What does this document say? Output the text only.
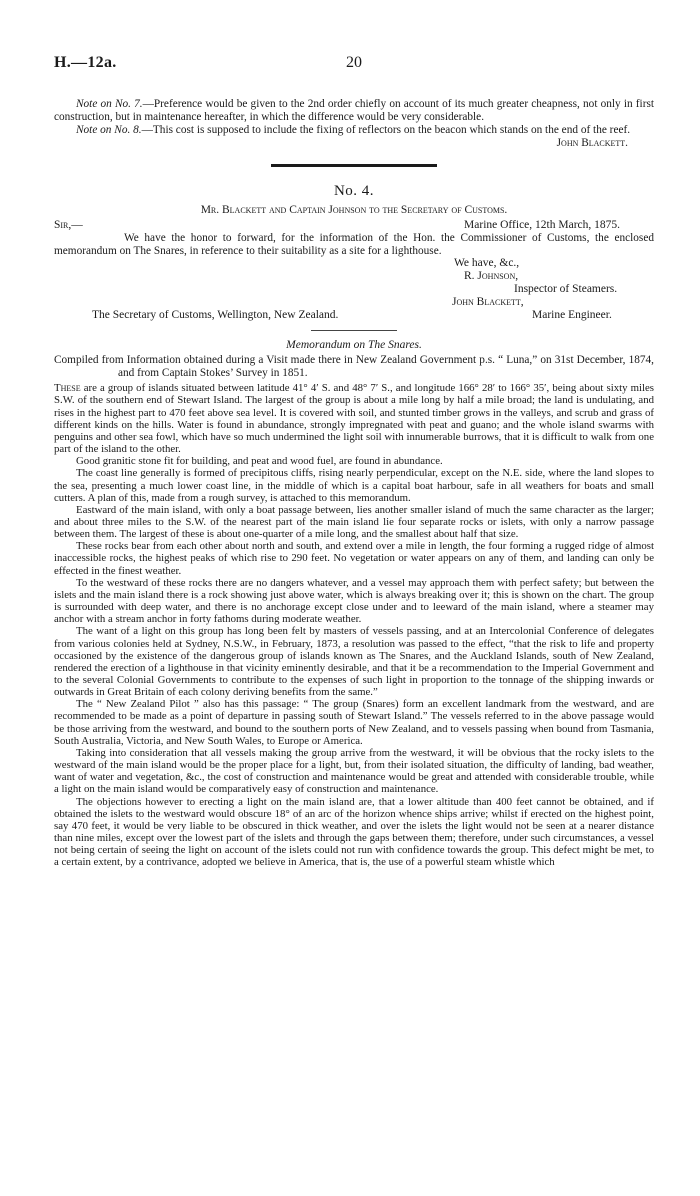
H.—12a.	20

Note on No. 7.—Preference would be given to the 2nd order chiefly on account of its much greater cheapness, not only in first construction, but in maintenance hereafter, in which the difference would be very considerable.

Note on No. 8.—This cost is supposed to include the fixing of reflectors on the beacon which stands on the end of the reef.

John Blackett.

No. 4.
Mr. Blackett and Captain Johnson to the Secretary of Customs.
Sir,—	Marine Office, 12th March, 1875.

We have the honor to forward, for the information of the Hon. the Commissioner of Customs, the enclosed memorandum on The Snares, in reference to their suitability as a site for a lighthouse.

We have, &c.,
R. Johnson,
Inspector of Steamers.
John Blackett,
The Secretary of Customs, Wellington, New Zealand.	Marine Engineer.
Memorandum on The Snares.

Compiled from Information obtained during a Visit made there in New Zealand Government p.s. “ Luna,” on 31st December, 1874, and from Captain Stokes’ Survey in 1851.

These are a group of islands situated between latitude 41° 4′ S. and 48° 7′ S., and longitude 166° 28′ to 166° 35′, being about sixty miles S.W. of the southern end of Stewart Island. The largest of the group is about a mile long by half a mile broad; the land is undulating, and rises in the highest part to 470 feet above sea level. It is covered with soil, and stunted timber grows in the valleys, and scrub and grass of different kinds on the hills. Water is found in abundance, strongly impregnated with peat and guano; and the whole island swarms with penguins and other sea fowl, which have so much undermined the light soil with innumerable burrows, that it is difficult to walk from one part of the island to the other.

Good granitic stone fit for building, and peat and wood fuel, are found in abundance.

The coast line generally is formed of precipitous cliffs, rising nearly perpendicular, except on the N.E. side, where the land slopes to the sea, presenting a much lower coast line, in the middle of which is a capital boat harbour, safe in all weathers for boats and small cutters. A plan of this, made from a rough survey, is attached to this memorandum.

Eastward of the main island, with only a boat passage between, lies another smaller island of much the same character as the larger; and about three miles to the S.W. of the nearest part of the main island lie four separate rocks or islets, with only a narrow passage between them. The largest of these is about one-quarter of a mile long, and the smallest about half that size.

These rocks bear from each other about north and south, and extend over a mile in length, the four forming a rugged ridge of almost inaccessible rocks, the highest peaks of which rise to 290 feet. No vegetation or water appears on any of them, and landing can only be effected in the finest weather.

To the westward of these rocks there are no dangers whatever, and a vessel may approach them with perfect safety; but between the islets and the main island there is a rock showing just above water, which is always breaking over it; this is shown on the chart. The group is surrounded with deep water, and there is no anchorage except close under and to leeward of the main island, where a steamer may anchor with a stream anchor in forty fathoms during moderate weather.

The want of a light on this group has long been felt by masters of vessels passing, and at an Intercolonial Conference of delegates from various colonies held at Sydney, N.S.W., in February, 1873, a resolution was passed to the effect, “that the risk to life and property occasioned by the existence of the dangerous group of islands known as The Snares, and the Auckland Islands, south of New Zealand, rendered the erection of a lighthouse in that vicinity eminently desirable, and that it be a recommendation to the Imperial Government and to the several Colonial Governments to contribute to the expenses of such light in proportion to the tonnage of the shipping inwards or outwards in Great Britain of each colony deriving benefits from the same.”

The “ New Zealand Pilot ” also has this passage: “ The group (Snares) form an excellent landmark from the westward, and are recommended to be made as a point of departure in passing south of Stewart Island.” The vessels referred to in the above passage would be those arriving from the westward, and bound to the southern ports of New Zealand, and to vessels passing when bound from Tasmania, South Australia, Victoria, and New South Wales, to Europe or America.

Taking into consideration that all vessels making the group arrive from the westward, it will be obvious that the rocky islets to the westward of the main island would be the proper place for a light, but, from their isolated situation, the difficulty of landing, bad weather, want of water and vegetation, &c., the cost of construction and maintenance would be great and attended with considerable trouble, while a light on the main island would be comparatively easy of construction and maintenance.

The objections however to erecting a light on the main island are, that a lower altitude than 400 feet cannot be obtained, and if obtained the islets to the westward would obscure 18° of an arc of the horizon whence ships arrive; whilst if erected on the highest point, say 470 feet, it would be very liable to be obscured in thick weather, and over the islets the light would not be seen at a nearer distance than nine miles, except over the lowest part of the islets and through the gaps between them; therefore, under such circumstances, a vessel not being certain of seeing the light on account of the islets could not run with confidence towards the group. This defect might be met, to a certain extent, by a contrivance, adopted we believe in America, that is, the use of a powerful steam whistle which
